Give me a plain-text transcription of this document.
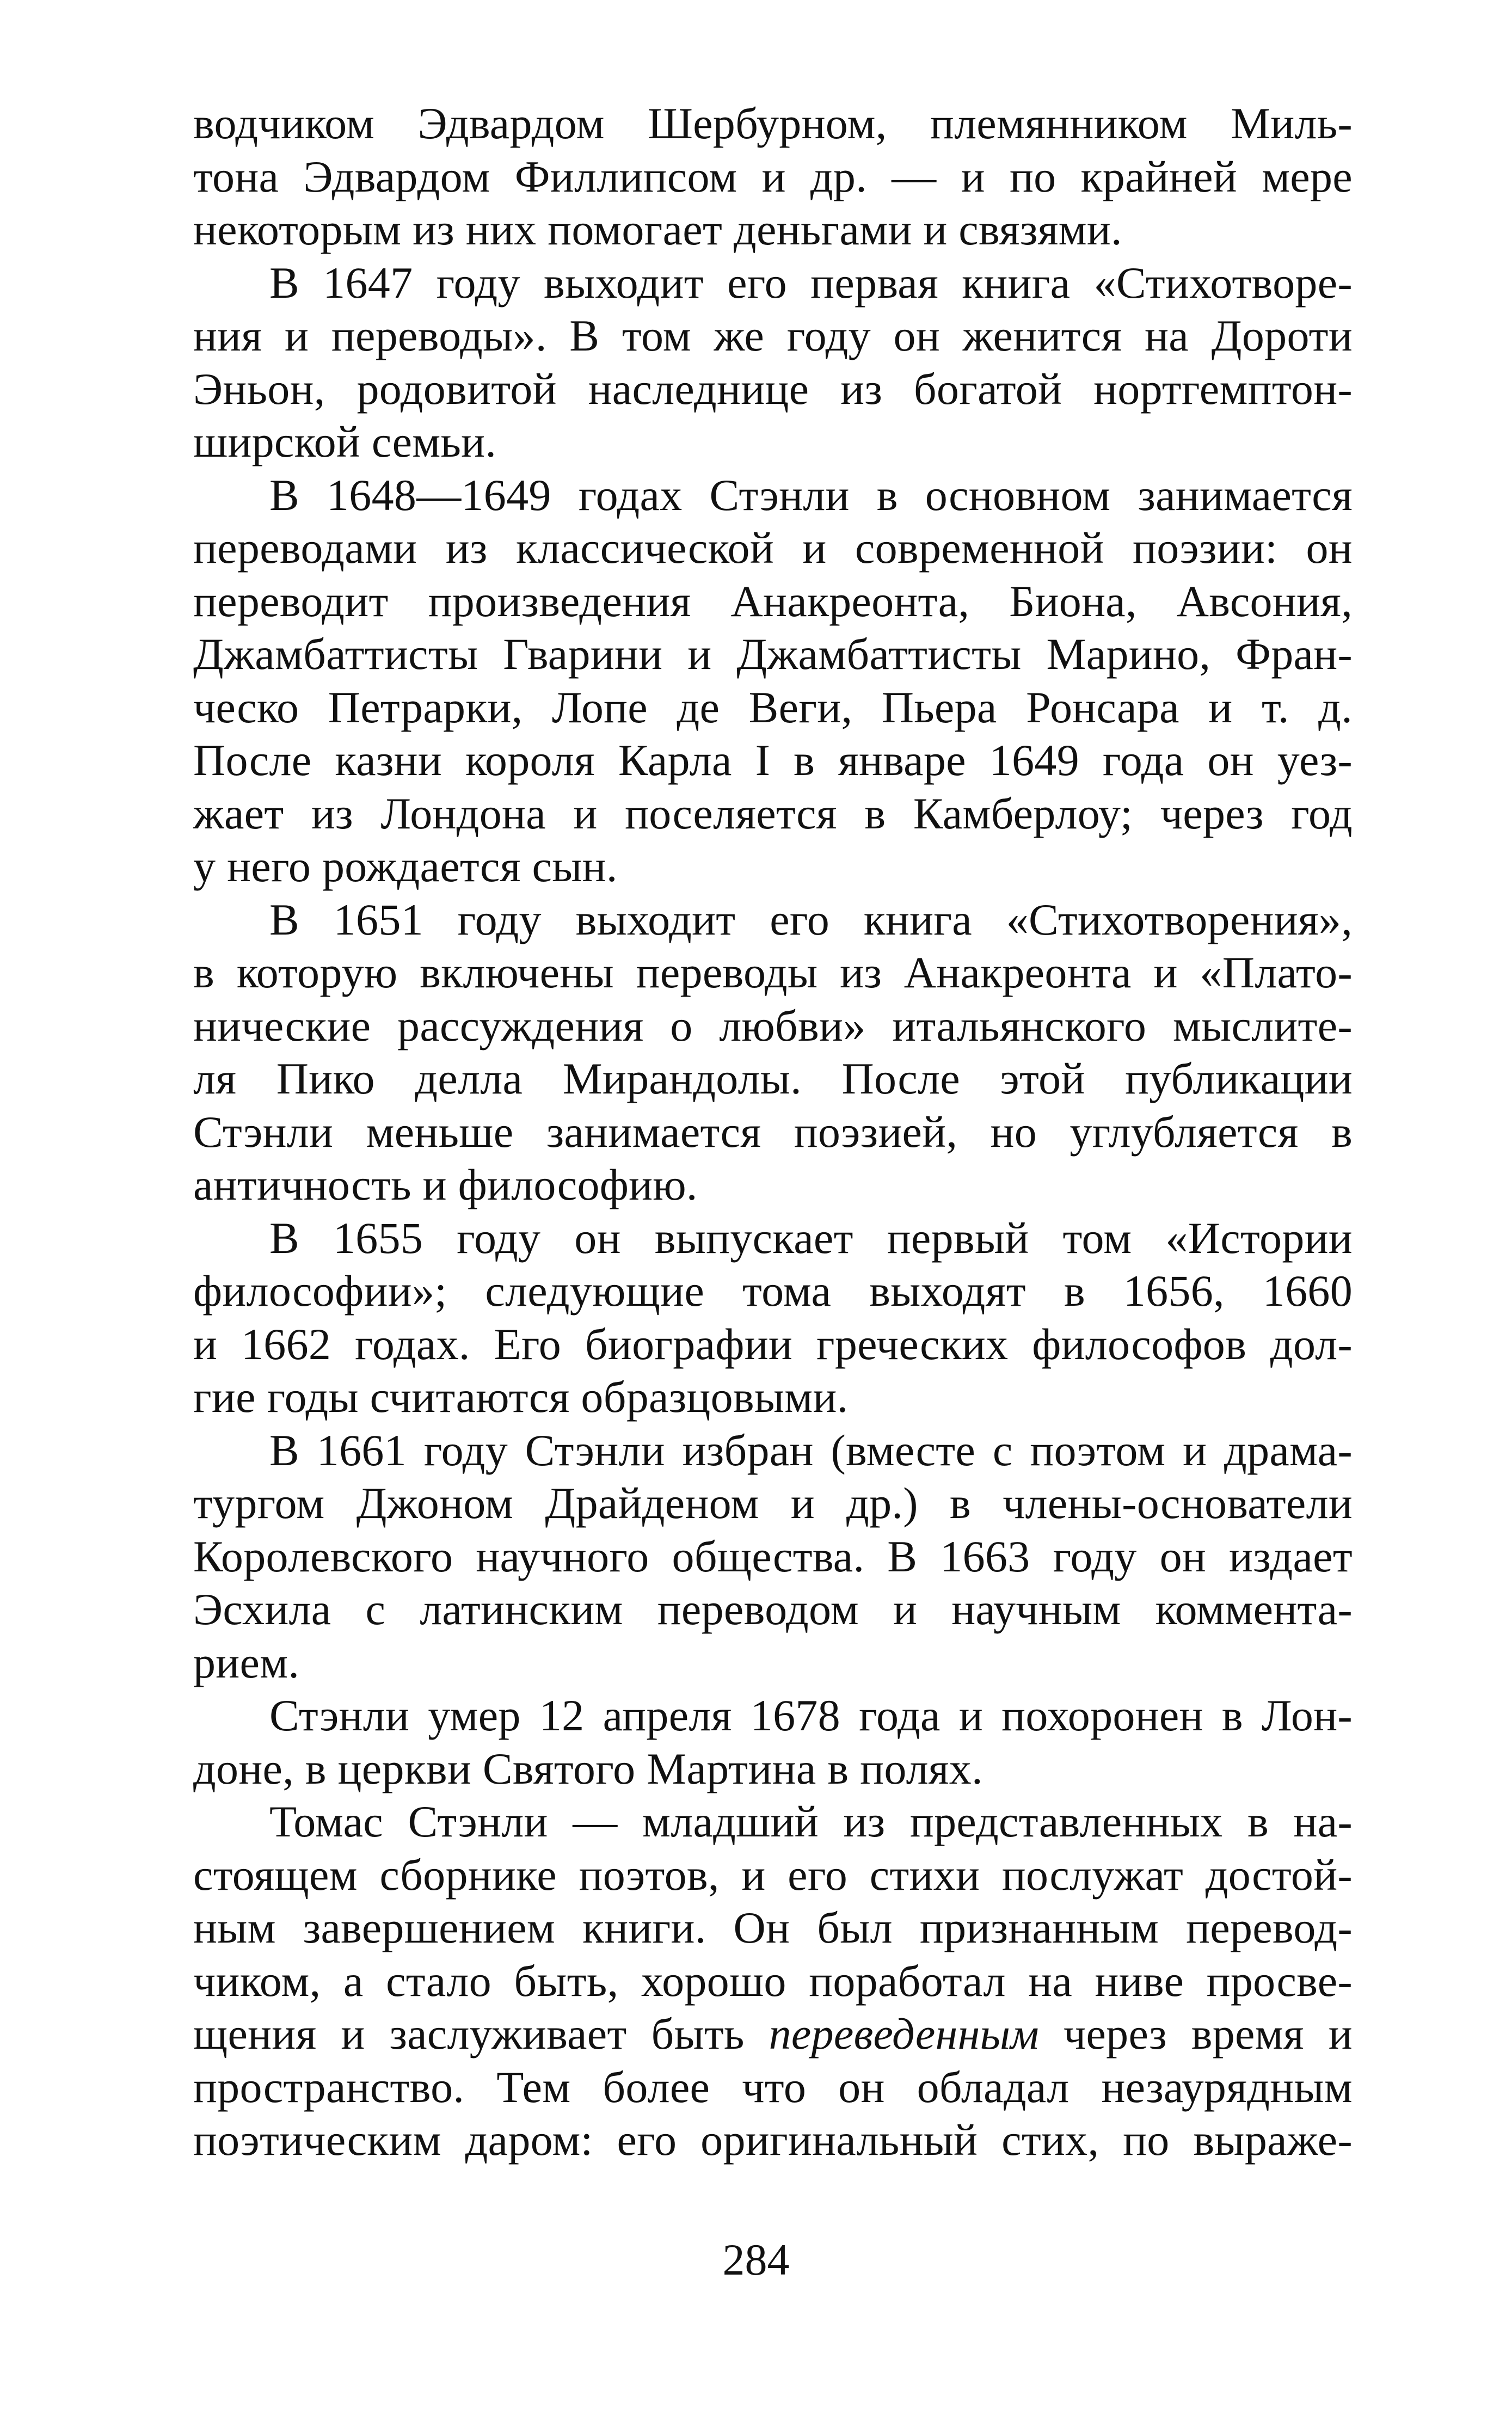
водчиком Эдвардом Шербурном, племянником Миль-
тона Эдвардом Филлипсом и др. — и по крайней мере
некоторым из них помогает деньгами и связями.
В 1647 году выходит его первая книга «Стихотворе-
ния и переводы». В том же году он женится на Дороти
Эньон, родовитой наследнице из богатой нортгемптон-
ширской семьи.
В 1648—1649 годах Стэнли в основном занимается
переводами из классической и современной поэзии: он
переводит произведения Анакреонта, Биона, Авсония,
Джамбаттисты Гварини и Джамбаттисты Марино, Фран-
ческо Петрарки, Лопе де Веги, Пьера Ронсара и т. д.
После казни короля Карла I в январе 1649 года он уез-
жает из Лондона и поселяется в Камберлоу; через год
у него рождается сын.
В 1651 году выходит его книга «Стихотворения»,
в которую включены переводы из Анакреонта и «Плато-
нические рассуждения о любви» итальянского мыслите-
ля Пико делла Мирандолы. После этой публикации
Стэнли меньше занимается поэзией, но углубляется в
античность и философию.
В 1655 году он выпускает первый том «Истории
философии»; следующие тома выходят в 1656, 1660
и 1662 годах. Его биографии греческих философов дол-
гие годы считаются образцовыми.
В 1661 году Стэнли избран (вместе с поэтом и драма-
тургом Джоном Драйденом и др.) в члены-основатели
Королевского научного общества. В 1663 году он издает
Эсхила с латинским переводом и научным коммента-
рием.
Стэнли умер 12 апреля 1678 года и похоронен в Лон-
доне, в церкви Святого Мартина в полях.
Томас Стэнли — младший из представленных в на-
стоящем сборнике поэтов, и его стихи послужат достой-
ным завершением книги. Он был признанным перевод-
чиком, а стало быть, хорошо поработал на ниве просве-
щения и заслуживает быть переведенным через время и
пространство. Тем более что он обладал незаурядным
поэтическим даром: его оригинальный стих, по выраже-
284
